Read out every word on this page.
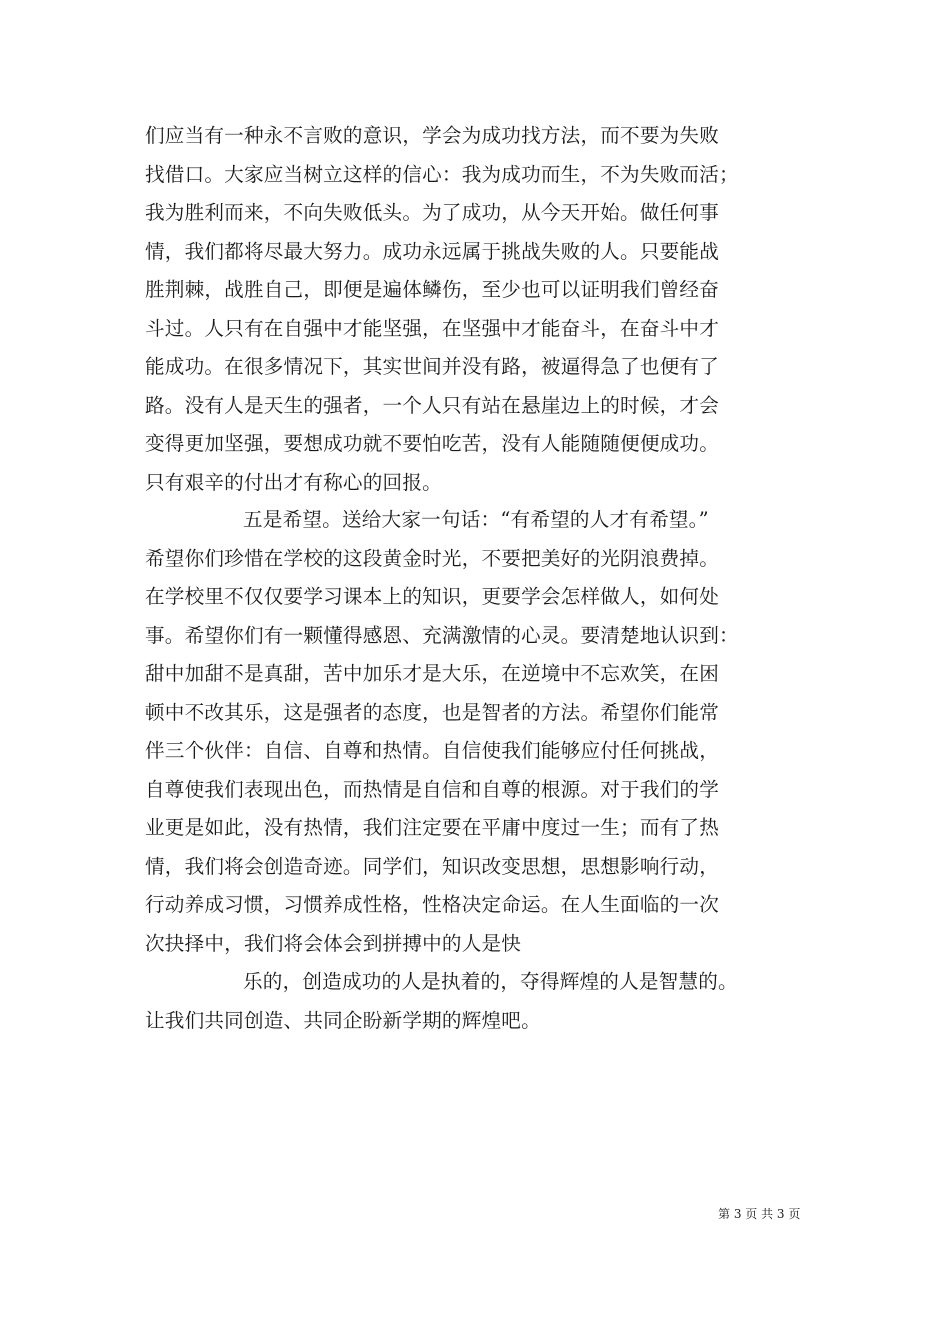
们应当有一种永不言败的意识，学会为成功找方法，而不要为失败
找借口。大家应当树立这样的信心：我为成功而生，不为失败而活；
我为胜利而来，不向失败低头。为了成功，从今天开始。做任何事
情，我们都将尽最大努力。成功永远属于挑战失败的人。只要能战
胜荆棘，战胜自己，即便是遍体鳞伤，至少也可以证明我们曾经奋
斗过。人只有在自强中才能坚强，在坚强中才能奋斗，在奋斗中才
能成功。在很多情况下，其实世间并没有路，被逼得急了也便有了
路。没有人是天生的强者，一个人只有站在悬崖边上的时候，才会
变得更加坚强，要想成功就不要怕吃苦，没有人能随随便便成功。
只有艰辛的付出才有称心的回报。
五是希望。送给大家一句话：“有希望的人才有希望。”
希望你们珍惜在学校的这段黄金时光，不要把美好的光阴浪费掉。
在学校里不仅仅要学习课本上的知识，更要学会怎样做人，如何处
事。希望你们有一颗懂得感恩、充满激情的心灵。要清楚地认识到：
甜中加甜不是真甜，苦中加乐才是大乐，在逆境中不忘欢笑，在困
顿中不改其乐，这是强者的态度，也是智者的方法。希望你们能常
伴三个伙伴：自信、自尊和热情。自信使我们能够应付任何挑战，
自尊使我们表现出色，而热情是自信和自尊的根源。对于我们的学
业更是如此，没有热情，我们注定要在平庸中度过一生；而有了热
情，我们将会创造奇迹。同学们，知识改变思想，思想影响行动，
行动养成习惯，习惯养成性格，性格决定命运。在人生面临的一次
次抉择中，我们将会体会到拼搏中的人是快
乐的，创造成功的人是执着的，夺得辉煌的人是智慧的。
让我们共同创造、共同企盼新学期的辉煌吧。
第 3 页 共 3 页
